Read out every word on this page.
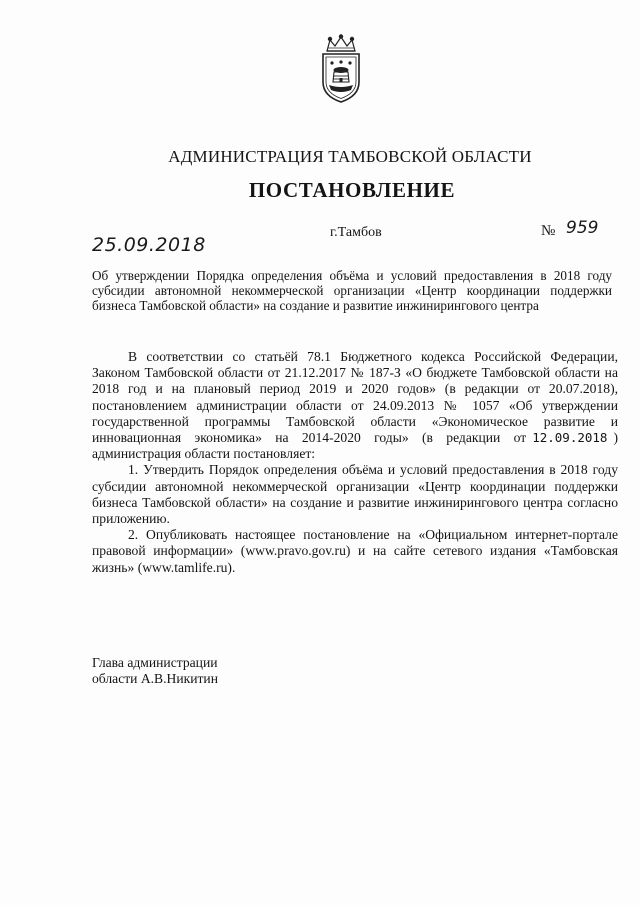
АДМИНИСТРАЦИЯ ТАМБОВСКОЙ ОБЛАСТИ
ПОСТАНОВЛЕНИЕ
г.Тамбов	№ 959
25.09.2018
Об утверждении Порядка определения объёма и условий предоставления в 2018 году субсидии автономной некоммерческой организации «Центр координации поддержки бизнеса Тамбовской области» на создание и развитие инжинирингового центра

В соответствии со статьёй 78.1 Бюджетного кодекса Российской Федерации, Законом Тамбовской области от 21.12.2017 № 187-З «О бюджете Тамбовской области на 2018 год и на плановый период 2019 и 2020 годов» (в редакции от 20.07.2018), постановлением администрации области от 24.09.2013 № 1057 «Об утверждении государственной программы Тамбовской области «Экономическое развитие и инновационная экономика» на 2014-2020 годы» (в редакции от 12.09.2018 ) администрация области постановляет:

1. Утвердить Порядок определения объёма и условий предоставления в 2018 году субсидии автономной некоммерческой организации «Центр координации поддержки бизнеса Тамбовской области» на создание и развитие инжинирингового центра согласно приложению.

2. Опубликовать настоящее постановление на «Официальном интернет-портале правовой информации» (www.pravo.gov.ru) и на сайте сетевого издания «Тамбовская жизнь» (www.tamlife.ru).

Глава администрации
области А.В.Никитин
